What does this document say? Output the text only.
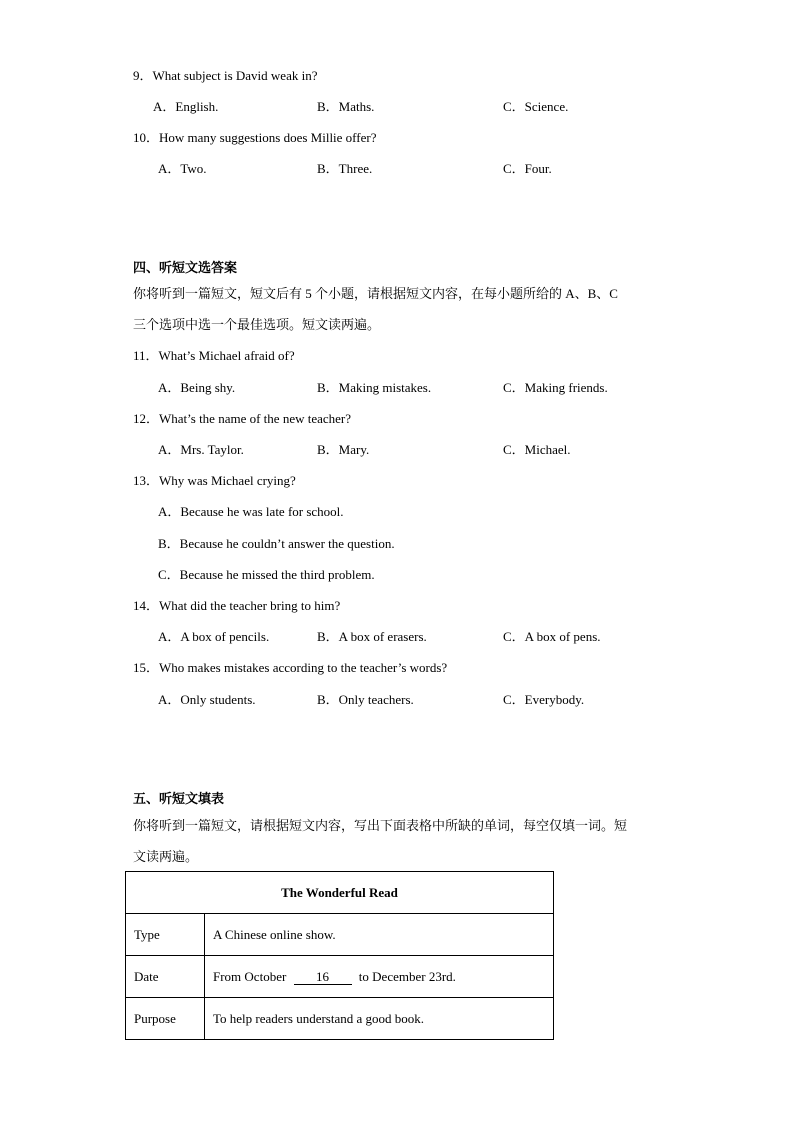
9．What subject is David weak in?
A．English.	B．Maths.	C．Science.
10．How many suggestions does Millie offer?
A．Two.	B．Three.	C．Four.
四、听短文选答案
你将听到一篇短文，短文后有 5 个小题，请根据短文内容，在每小题所给的 A、B、C
三个选项中选一个最佳选项。短文读两遍。
11．What’s Michael afraid of?
A．Being shy.	B．Making mistakes.	C．Making friends.
12．What’s the name of the new teacher?
A．Mrs. Taylor.	B．Mary.	C．Michael.
13．Why was Michael crying?
A．Because he was late for school.
B．Because he couldn’t answer the question.
C．Because he missed the third problem.
14．What did the teacher bring to him?
A．A box of pencils.	B．A box of erasers.	C．A box of pens.
15．Who makes mistakes according to the teacher’s words?
A．Only students.	B．Only teachers.	C．Everybody.
五、听短文填表
你将听到一篇短文，请根据短文内容，写出下面表格中所缺的单词，每空仅填一词。短
文读两遍。
The Wonderful Read	
Type	A Chinese online show.
Date	From October 16 to December 23rd.
Purpose	To help readers understand a good book.
